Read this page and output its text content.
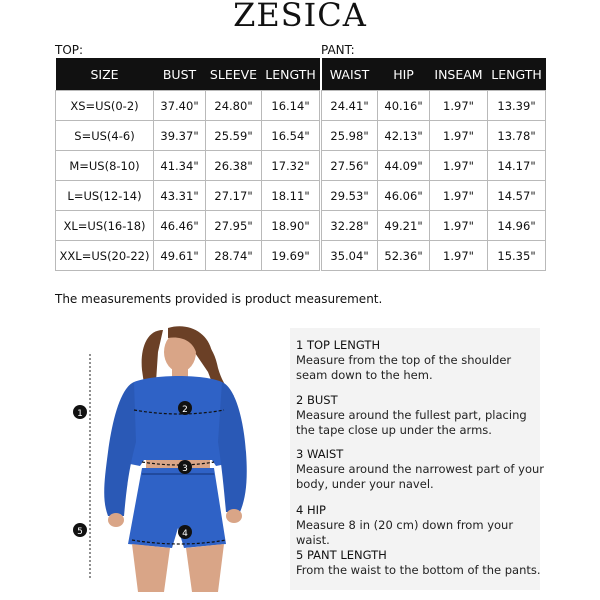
ZESICA
TOP:	PANT:
SIZE	BUST	SLEEVE	LENGTH
XS=US(0-2)	37.40"	24.80"	16.14"
S=US(4-6)	39.37"	25.59"	16.54"
M=US(8-10)	41.34"	26.38"	17.32"
L=US(12-14)	43.31"	27.17"	18.11"
XL=US(16-18)	46.46"	27.95"	18.90"
XXL=US(20-22)	49.61"	28.74"	19.69"
WAIST	HIP	INSEAM	LENGTH
24.41"	40.16"	1.97"	13.39"
25.98"	42.13"	1.97"	13.78"
27.56"	44.09"	1.97"	14.17"
29.53"	46.06"	1.97"	14.57"
32.28"	49.21"	1.97"	14.96"
35.04"	52.36"	1.97"	15.35"
The measurements provided is product measurement.
1	2
3
4
5
1 TOP LENGTH
Measure from the top of the shoulder seam down to the hem.
2 BUST
Measure around the fullest part, placing the tape close up under the arms.
3 WAIST
Measure around the narrowest part of your body, under your navel.
4 HIP
Measure 8 in (20 cm) down from your waist.
5 PANT LENGTH
From the waist to the bottom of the pants.
